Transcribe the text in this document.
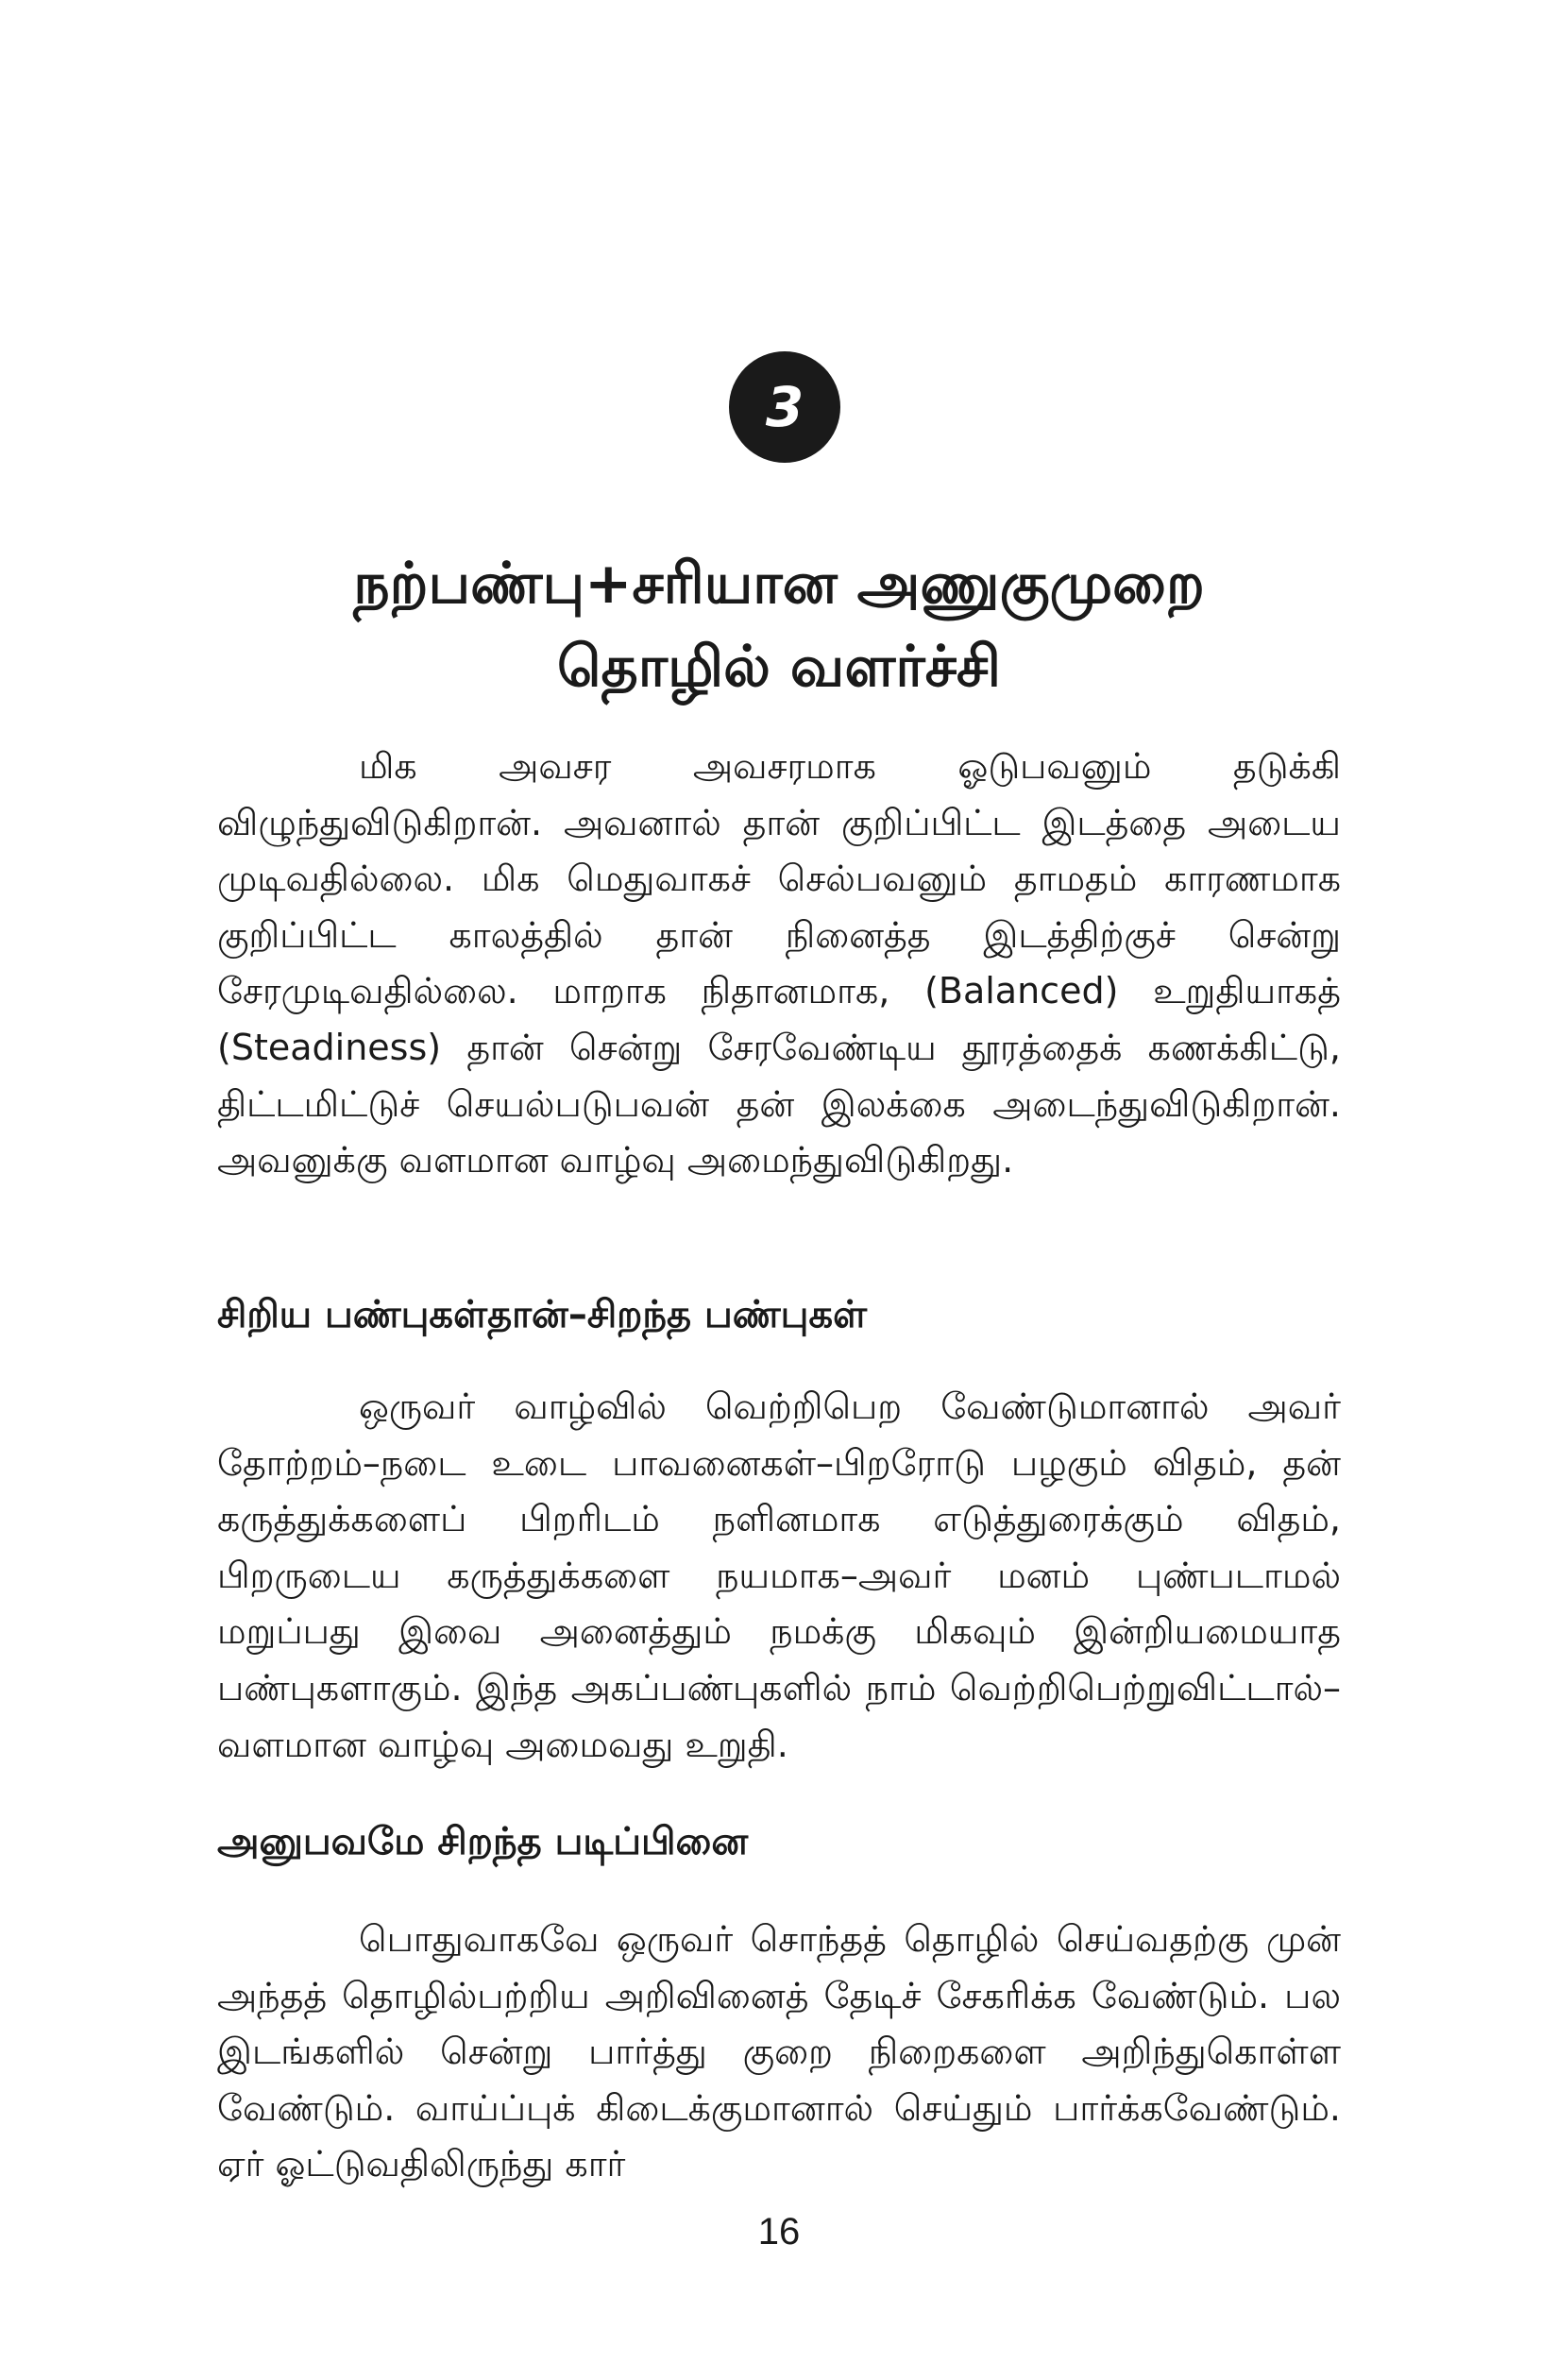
3
நற்பண்பு+சரியான அணுகுமுறை
தொழில் வளர்ச்சி

மிக அவசர அவசரமாக ஓடுபவனும் தடுக்கி விழுந்துவிடுகிறான். அவனால் தான் குறிப்பிட்ட இடத்தை அடைய முடிவதில்லை. மிக மெதுவாகச் செல்பவனும் தாமதம் காரணமாக குறிப்பிட்ட காலத்தில் தான் நினைத்த இடத்திற்குச் சென்று சேரமுடிவதில்லை. மாறாக நிதானமாக, (Balanced) உறுதியாகத் (Steadiness) தான் சென்று சேரவேண்டிய தூரத்தைக் கணக்கிட்டு, திட்டமிட்டுச் செயல்படுபவன் தன் இலக்கை அடைந்துவிடுகிறான். அவனுக்கு வளமான வாழ்வு அமைந்துவிடுகிறது.

சிறிய பண்புகள்தான்–சிறந்த பண்புகள்

ஒருவர் வாழ்வில் வெற்றிபெற வேண்டுமானால் அவர் தோற்றம்–நடை உடை பாவனைகள்–பிறரோடு பழகும் விதம், தன் கருத்துக்களைப் பிறரிடம் நளினமாக எடுத்துரைக்கும் விதம், பிறருடைய கருத்துக்களை நயமாக–அவர் மனம் புண்படாமல் மறுப்பது இவை அனைத்தும் நமக்கு மிகவும் இன்றியமையாத பண்புகளாகும். இந்த அகப்பண்புகளில் நாம் வெற்றிபெற்றுவிட்டால்–வளமான வாழ்வு அமைவது உறுதி.

அனுபவமே சிறந்த படிப்பினை

பொதுவாகவே ஒருவர் சொந்தத் தொழில் செய்வதற்கு முன் அந்தத் தொழில்பற்றிய அறிவினைத் தேடிச் சேகரிக்க வேண்டும். பல இடங்களில் சென்று பார்த்து குறை நிறைகளை அறிந்துகொள்ள வேண்டும். வாய்ப்புக் கிடைக்குமானால் செய்தும் பார்க்கவேண்டும். ஏர் ஓட்டுவதிலிருந்து கார்

16
